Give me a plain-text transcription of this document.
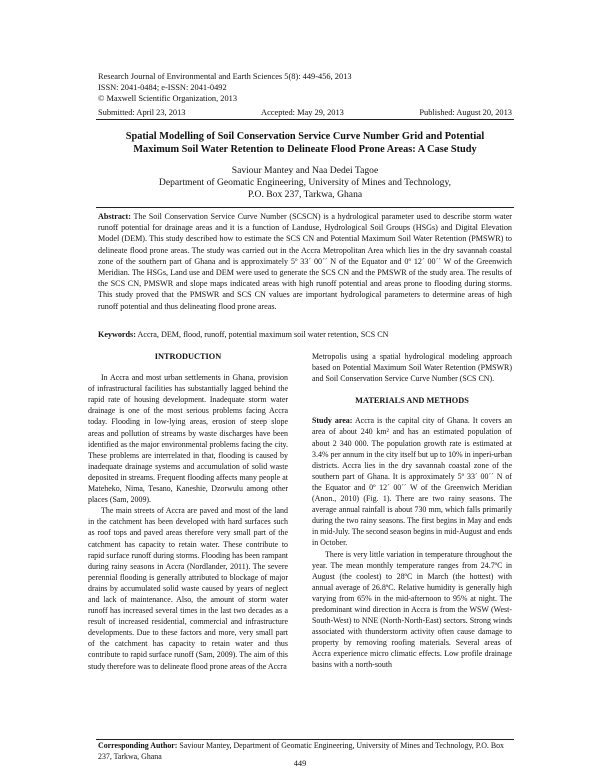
Research Journal of Environmental and Earth Sciences 5(8): 449-456, 2013
ISSN: 2041-0484; e-ISSN: 2041-0492
© Maxwell Scientific Organization, 2013
Submitted: April 23, 2013	Accepted: May 29, 2013	Published: August 20, 2013
Spatial Modelling of Soil Conservation Service Curve Number Grid and Potential
Maximum Soil Water Retention to Delineate Flood Prone Areas: A Case Study
Saviour Mantey and Naa Dedei Tagoe
Department of Geomatic Engineering, University of Mines and Technology,
P.O. Box 237, Tarkwa, Ghana
Abstract: The Soil Conservation Service Curve Number (SCSCN) is a hydrological parameter used to describe storm water runoff potential for drainage areas and it is a function of Landuse, Hydrological Soil Groups (HSGs) and Digital Elevation Model (DEM). This study described how to estimate the SCS CN and Potential Maximum Soil Water Retention (PMSWR) to delineate flood prone areas. The study was carried out in the Accra Metropolitan Area which lies in the dry savannah coastal zone of the southern part of Ghana and is approximately 5º 33´ 00´´ N of the Equator and 0º 12´ 00´´ W of the Greenwich Meridian. The HSGs, Land use and DEM were used to generate the SCS CN and the PMSWR of the study area. The results of the SCS CN, PMSWR and slope maps indicated areas with high runoff potential and areas prone to flooding during storms. This study proved that the PMSWR and SCS CN values are important hydrological parameters to determine areas of high runoff potential and thus delineating flood prone areas.
Keywords: Accra, DEM, flood, runoff, potential maximum soil water retention, SCS CN
INTRODUCTION

In Accra and most urban settlements in Ghana, provision of infrastructural facilities has substantially lagged behind the rapid rate of housing development. Inadequate storm water drainage is one of the most serious problems facing Accra today. Flooding in low-lying areas, erosion of steep slope areas and pollution of streams by waste discharges have been identified as the major environmental problems facing the city. These problems are interrelated in that, flooding is caused by inadequate drainage systems and accumulation of solid waste deposited in streams. Frequent flooding affects many people at Mateheko, Nima, Tesano, Kaneshie, Dzorwulu among other places (Sam, 2009).

The main streets of Accra are paved and most of the land in the catchment has been developed with hard surfaces such as roof tops and paved areas therefore very small part of the catchment has capacity to retain water. These contribute to rapid surface runoff during storms. Flooding has been rampant during rainy seasons in Accra (Nordlander, 2011). The severe perennial flooding is generally attributed to blockage of major drains by accumulated solid waste caused by years of neglect and lack of maintenance. Also, the amount of storm water runoff has increased several times in the last two decades as a result of increased residential, commercial and infrastructure developments. Due to these factors and more, very small part of the catchment has capacity to retain water and thus contribute to rapid surface runoff (Sam, 2009). The aim of this study therefore was to delineate flood prone areas of the Accra

Metropolis using a spatial hydrological modeling approach based on Potential Maximum Soil Water Retention (PMSWR) and Soil Conservation Service Curve Number (SCS CN).

MATERIALS AND METHODS

Study area: Accra is the capital city of Ghana. It covers an area of about 240 km² and has an estimated population of about 2 340 000. The population growth rate is estimated at 3.4% per annum in the city itself but up to 10% in inperi-urban districts. Accra lies in the dry savannah coastal zone of the southern part of Ghana. It is approximately 5º 33´ 00´´ N of the Equator and 0º 12´ 00´´ W of the Greenwich Meridian (Anon., 2010) (Fig. 1). There are two rainy seasons. The average annual rainfall is about 730 mm, which falls primarily during the two rainy seasons. The first begins in May and ends in mid-July. The second season begins in mid-August and ends in October.

There is very little variation in temperature throughout the year. The mean monthly temperature ranges from 24.7ºC in August (the coolest) to 28ºC in March (the hottest) with annual average of 26.8ºC. Relative humidity is generally high varying from 65% in the mid-afternoon to 95% at night. The predominant wind direction in Accra is from the WSW (West-South-West) to NNE (North-North-East) sectors. Strong winds associated with thunderstorm activity often cause damage to property by removing roofing materials. Several areas of Accra experience micro climatic effects. Low profile drainage basins with a north-south

Corresponding Author: Saviour Mantey, Department of Geomatic Engineering, University of Mines and Technology, P.O. Box 237, Tarkwa, Ghana
449
